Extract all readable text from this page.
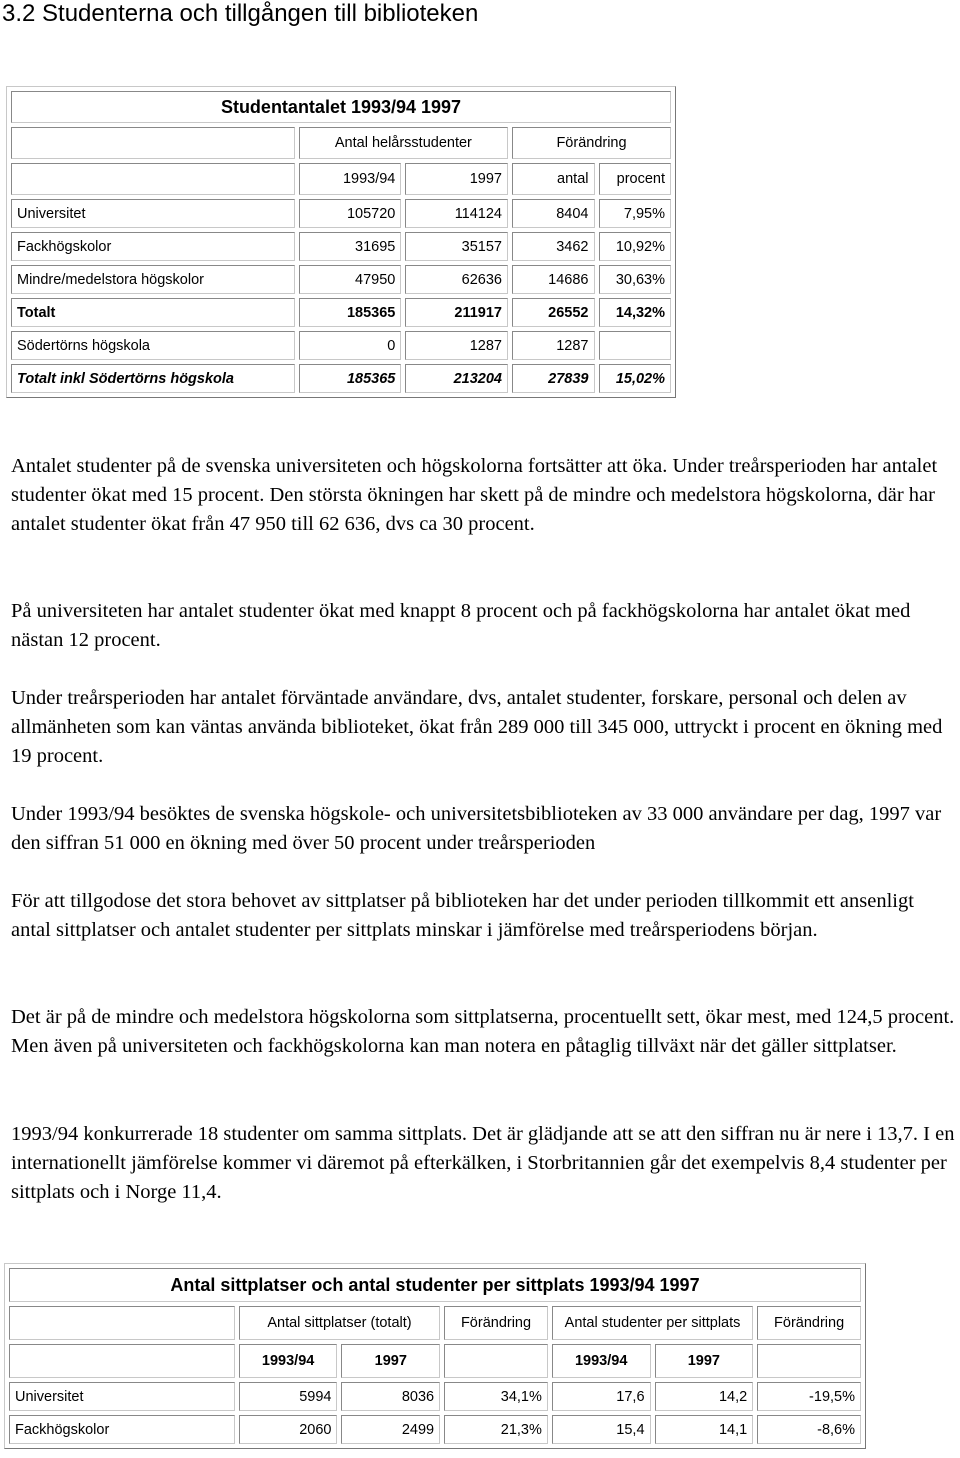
3.2 Studenterna och tillgången till biblioteken
Studentantalet 1993/94 1997				
	Antal helårsstudenter		Förändring	
	1993/94	1997	antal	procent
Universitet	105720	114124	8404	7,95%
Fackhögskolor	31695	35157	3462	10,92%
Mindre/medelstora högskolor	47950	62636	14686	30,63%
Totalt	185365	211917	26552	14,32%
Södertörns högskola	0	1287	1287	
Totalt inkl Södertörns högskola	185365	213204	27839	15,02%

Antalet studenter på de svenska universiteten och högskolorna fortsätter att öka. Under treårsperioden har antalet studenter ökat med 15 procent. Den största ökningen har skett på de mindre och medelstora högskolorna, där har antalet studenter ökat från 47 950 till 62 636, dvs ca 30 procent.

På universiteten har antalet studenter ökat med knappt 8 procent och på fackhögskolorna har antalet ökat med nästan 12 procent.

Under treårsperioden har antalet förväntade användare, dvs, antalet studenter, forskare, personal och delen av allmänheten som kan väntas använda biblioteket, ökat från 289 000 till 345 000, uttryckt i procent en ökning med 19 procent.

Under 1993/94 besöktes de svenska högskole- och universitetsbiblioteken av 33 000 användare per dag, 1997 var den siffran 51 000 en ökning med över 50 procent under treårsperioden

För att tillgodose det stora behovet av sittplatser på biblioteken har det under perioden tillkommit ett ansenligt antal sittplatser och antalet studenter per sittplats minskar i jämförelse med treårsperiodens början.

Det är på de mindre och medelstora högskolorna som sittplatserna, procentuellt sett, ökar mest, med 124,5 procent. Men även på universiteten och fackhögskolorna kan man notera en påtaglig tillväxt när det gäller sittplatser.

1993/94 konkurrerade 18 studenter om samma sittplats. Det är glädjande att se att den siffran nu är nere i 13,7. I en internationellt jämförelse kommer vi däremot på efterkälken, i Storbritannien går det exempelvis 8,4 studenter per sittplats och i Norge 11,4.

Antal sittplatser och antal studenter per sittplats 1993/94 1997						
	Antal sittplatser (totalt)		Förändring	Antal studenter per sittplats		Förändring
	1993/94	1997		1993/94	1997	
Universitet	5994	8036	34,1%	17,6	14,2	-19,5%
Fackhögskolor	2060	2499	21,3%	15,4	14,1	-8,6%
